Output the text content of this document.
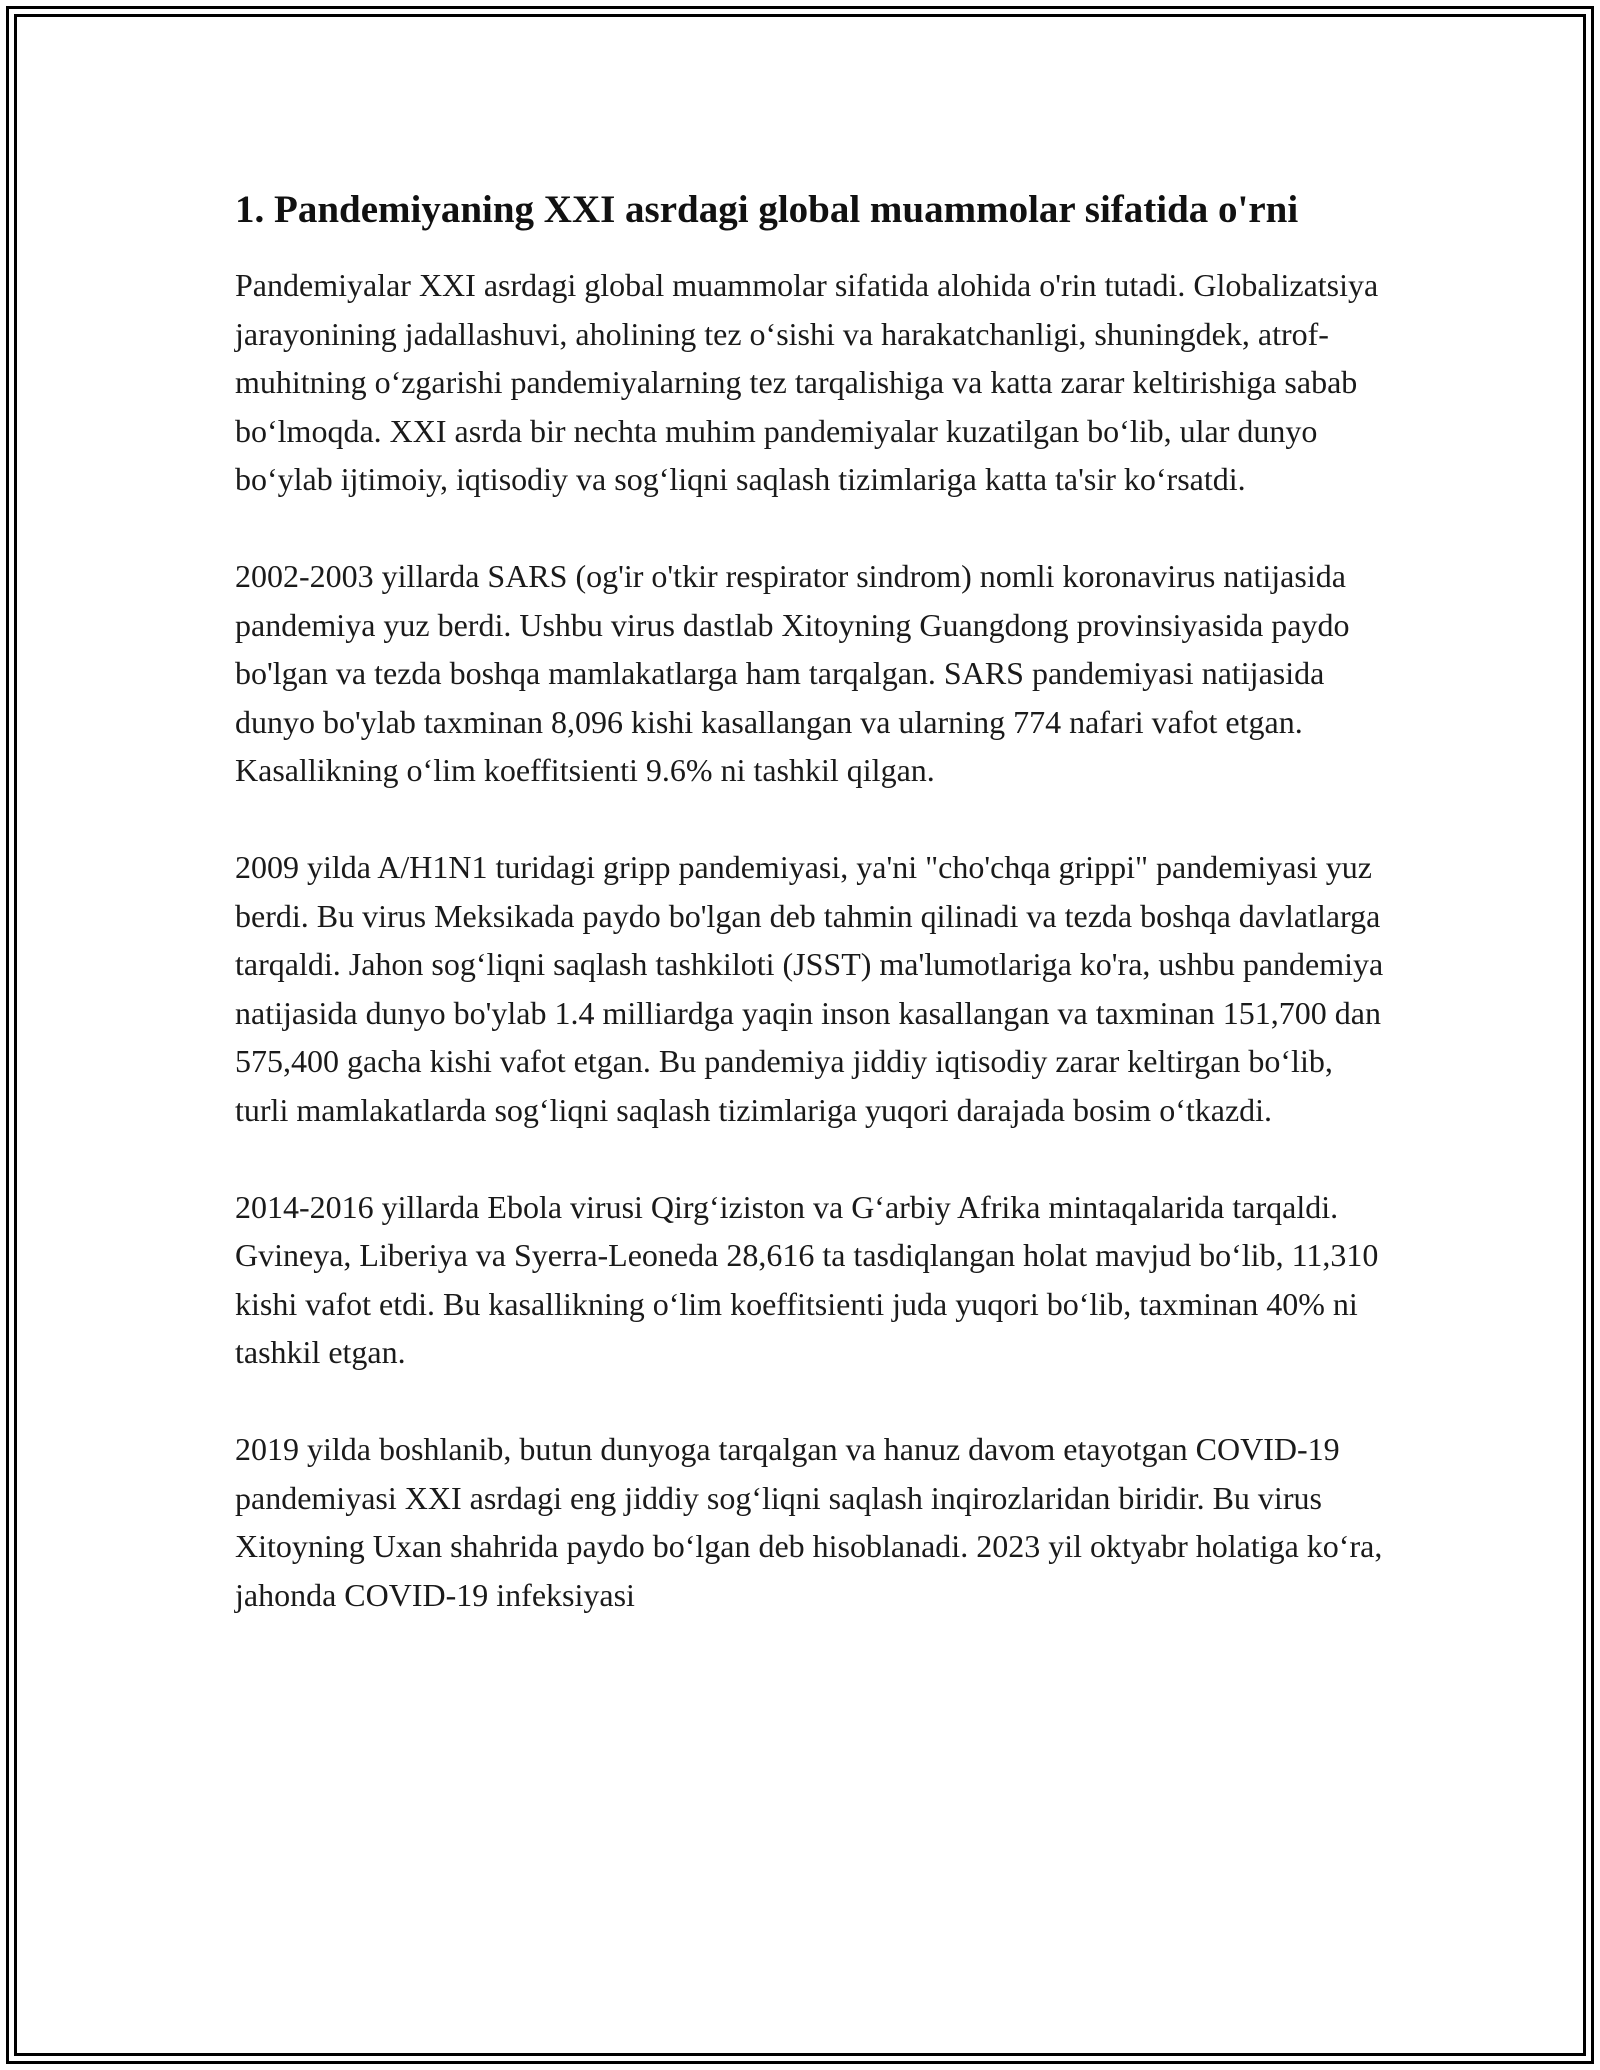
1. Pandemiyaning XXI asrdagi global muammolar sifatida o'rni

Pandemiyalar XXI asrdagi global muammolar sifatida alohida o'rin tutadi. Globalizatsiya jarayonining jadallashuvi, aholining tez o‘sishi va harakatchanligi, shuningdek, atrof-muhitning o‘zgarishi pandemiyalarning tez tarqalishiga va katta zarar keltirishiga sabab bo‘lmoqda. XXI asrda bir nechta muhim pandemiyalar kuzatilgan bo‘lib, ular dunyo bo‘ylab ijtimoiy, iqtisodiy va sog‘liqni saqlash tizimlariga katta ta'sir ko‘rsatdi.

2002-2003 yillarda SARS (og'ir o'tkir respirator sindrom) nomli koronavirus natijasida pandemiya yuz berdi. Ushbu virus dastlab Xitoyning Guangdong provinsiyasida paydo bo'lgan va tezda boshqa mamlakatlarga ham tarqalgan. SARS pandemiyasi natijasida dunyo bo'ylab taxminan 8,096 kishi kasallangan va ularning 774 nafari vafot etgan. Kasallikning o‘lim koeffitsienti 9.6% ni tashkil qilgan.

2009 yilda A/H1N1 turidagi gripp pandemiyasi, ya'ni "cho'chqa grippi" pandemiyasi yuz berdi. Bu virus Meksikada paydo bo'lgan deb tahmin qilinadi va tezda boshqa davlatlarga tarqaldi. Jahon sog‘liqni saqlash tashkiloti (JSST) ma'lumotlariga ko'ra, ushbu pandemiya natijasida dunyo bo'ylab 1.4 milliardga yaqin inson kasallangan va taxminan 151,700 dan 575,400 gacha kishi vafot etgan. Bu pandemiya jiddiy iqtisodiy zarar keltirgan bo‘lib, turli mamlakatlarda sog‘liqni saqlash tizimlariga yuqori darajada bosim o‘tkazdi.

2014-2016 yillarda Ebola virusi Qirg‘iziston va G‘arbiy Afrika mintaqalarida tarqaldi. Gvineya, Liberiya va Syerra-Leoneda 28,616 ta tasdiqlangan holat mavjud bo‘lib, 11,310 kishi vafot etdi. Bu kasallikning o‘lim koeffitsienti juda yuqori bo‘lib, taxminan 40% ni tashkil etgan.

2019 yilda boshlanib, butun dunyoga tarqalgan va hanuz davom etayotgan COVID-19 pandemiyasi XXI asrdagi eng jiddiy sog‘liqni saqlash inqirozlaridan biridir. Bu virus Xitoyning Uxan shahrida paydo bo‘lgan deb hisoblanadi. 2023 yil oktyabr holatiga ko‘ra, jahonda COVID-19 infeksiyasi
